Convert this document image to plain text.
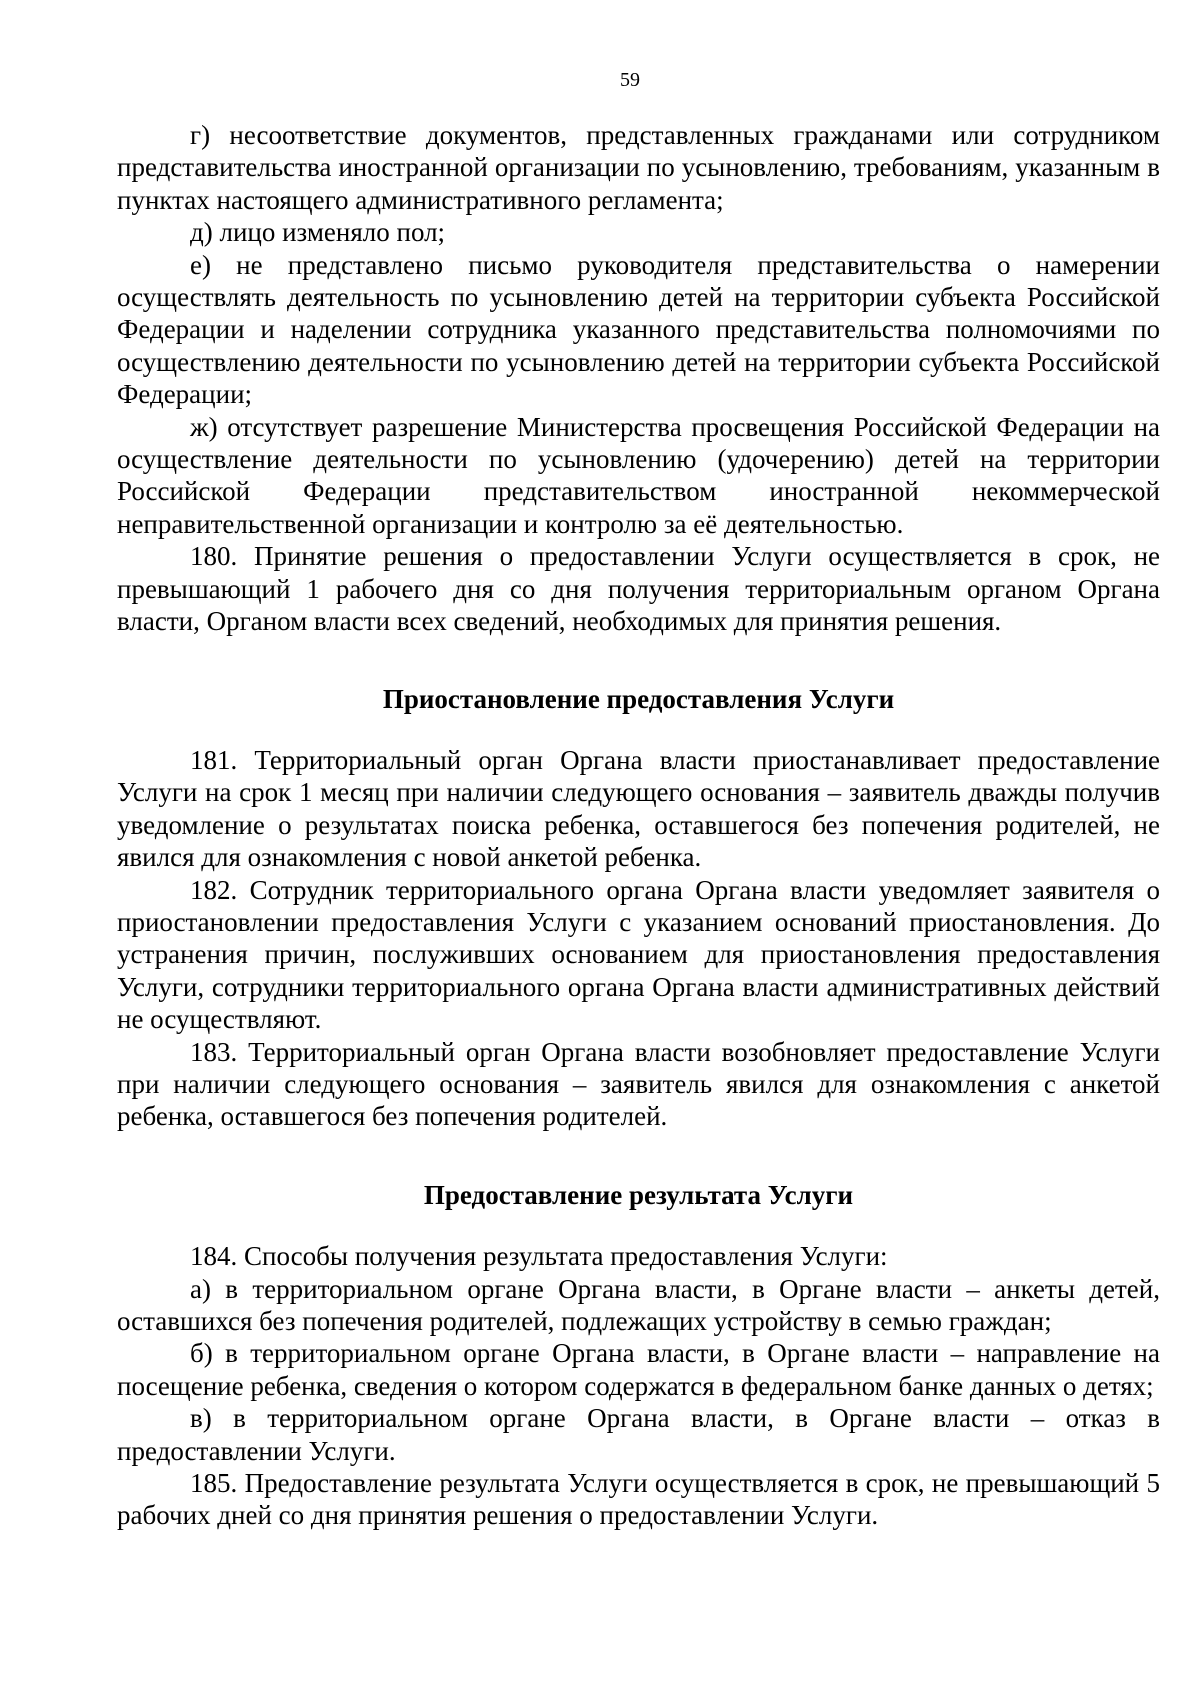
59

г) несоответствие документов, представленных гражданами или сотрудником представительства иностранной организации по усыновлению, требованиям, указанным в пунктах настоящего административного регламента;

д) лицо изменяло пол;

е) не представлено письмо руководителя представительства о намерении осуществлять деятельность по усыновлению детей на территории субъекта Российской Федерации и наделении сотрудника указанного представительства полномочиями по осуществлению деятельности по усыновлению детей на территории субъекта Российской Федерации;

ж) отсутствует разрешение Министерства просвещения Российской Федерации на осуществление деятельности по усыновлению (удочерению) детей на территории Российской Федерации представительством иностранной некоммерческой неправительственной организации и контролю за её деятельностью.

180. Принятие решения о предоставлении Услуги осуществляется в срок, не превышающий 1 рабочего дня со дня получения территориальным органом Органа власти, Органом власти всех сведений, необходимых для принятия решения.

Приостановление предоставления Услуги

181. Территориальный орган Органа власти приостанавливает предоставление Услуги на срок 1 месяц при наличии следующего основания – заявитель дважды получив уведомление о результатах поиска ребенка, оставшегося без попечения родителей, не явился для ознакомления с новой анкетой ребенка.

182. Сотрудник территориального органа Органа власти уведомляет заявителя о приостановлении предоставления Услуги с указанием оснований приостановления. До устранения причин, послуживших основанием для приостановления предоставления Услуги, сотрудники территориального органа Органа власти административных действий не осуществляют.

183. Территориальный орган Органа власти возобновляет предоставление Услуги при наличии следующего основания – заявитель явился для ознакомления с анкетой ребенка, оставшегося без попечения родителей.

Предоставление результата Услуги

184. Способы получения результата предоставления Услуги:

а) в территориальном органе Органа власти, в Органе власти – анкеты детей, оставшихся без попечения родителей, подлежащих устройству в семью граждан;

б) в территориальном органе Органа власти, в Органе власти – направление на посещение ребенка, сведения о котором содержатся в федеральном банке данных о детях;

в) в территориальном органе Органа власти, в Органе власти – отказ в предоставлении Услуги.

185. Предоставление результата Услуги осуществляется в срок, не превышающий 5 рабочих дней со дня принятия решения о предоставлении Услуги.
